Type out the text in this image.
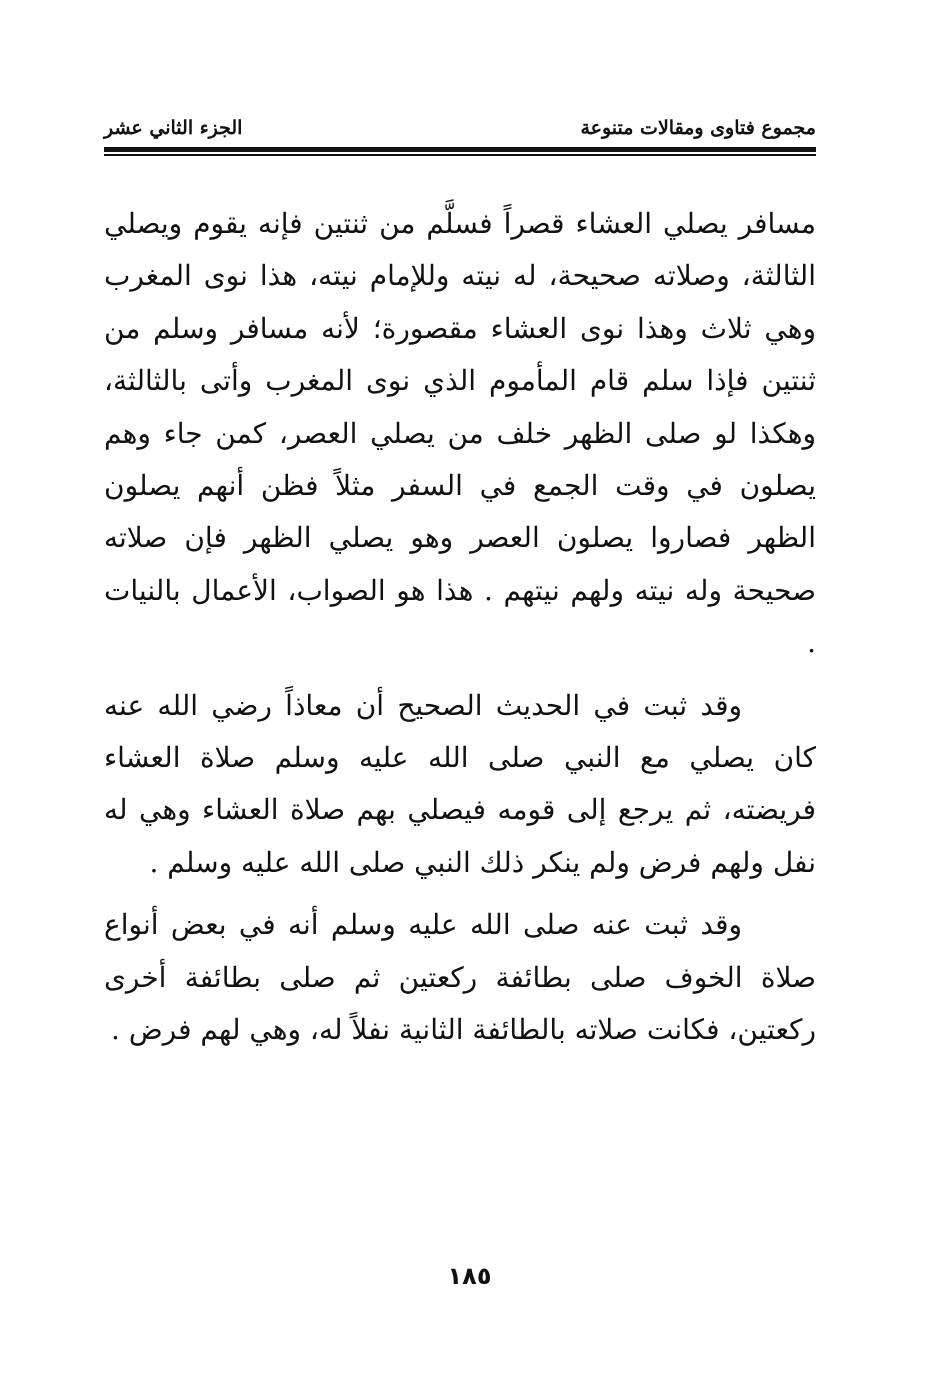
مجموع فتاوى ومقالات متنوعة
الجزء الثاني عشر

مسافر يصلي العشاء قصراً فسلَّم من ثنتين فإنه يقوم ويصلي الثالثة، وصلاته صحيحة، له نيته وللإمام نيته، هذا نوى المغرب وهي ثلاث وهذا نوى العشاء مقصورة؛ لأنه مسافر وسلم من ثنتين فإذا سلم قام المأموم الذي نوى المغرب وأتى بالثالثة، وهكذا لو صلى الظهر خلف من يصلي العصر، كمن جاء وهم يصلون في وقت الجمع في السفر مثلاً فظن أنهم يصلون الظهر فصاروا يصلون العصر وهو يصلي الظهر فإن صلاته صحيحة وله نيته ولهم نيتهم . هذا هو الصواب، الأعمال بالنيات .

وقد ثبت في الحديث الصحيح أن معاذاً رضي الله عنه كان يصلي مع النبي صلى الله عليه وسلم صلاة العشاء فريضته، ثم يرجع إلى قومه فيصلي بهم صلاة العشاء وهي له نفل ولهم فرض ولم ينكر ذلك النبي صلى الله عليه وسلم .

وقد ثبت عنه صلى الله عليه وسلم أنه في بعض أنواع صلاة الخوف صلى بطائفة ركعتين ثم صلى بطائفة أخرى ركعتين، فكانت صلاته بالطائفة الثانية نفلاً له، وهي لهم فرض .

١٨٥
